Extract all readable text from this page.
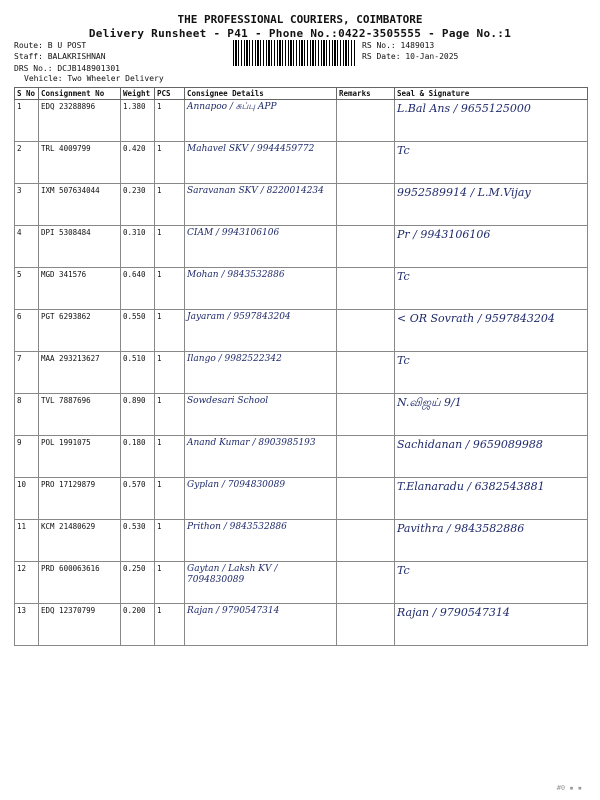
THE PROFESSIONAL COURIERS, COIMBATORE
Delivery Runsheet - P41 - Phone No.:0422-3505555 - Page No.:1
Route: B U POST
Staff: BALAKRISHNAN
DRS No.: DCJB148901301
Vehicle: Two Wheeler Delivery
RS No.: 1489013
RS Date: 10-Jan-2025
S No	Consignment No	Weight	PCS	Consignee Details	Remarks	Seal & Signature
1	EDQ 23288896	1.380	1	Annapoo / சுப்பு APP		L.Bal Ans / 9655125000

2	TRL 4009799	0.420	1	Mahavel SKV / 9944459772		Tc

3	IXM 507634044	0.230	1	Saravanan SKV / 8220014234		9952589914 / L.M.Vijay

4	DPI 5308484	0.310	1	CIAM / 9943106106		Pr / 9943106106

5	MGD 341576	0.640	1	Mohan / 9843532886		Tc

6	PGT 6293862	0.550	1	Jayaram / 9597843204		< OR Sovrath / 9597843204

7	MAA 293213627	0.510	1	Ilango / 9982522342		Tc

8	TVL 7887696	0.890	1	Sowdesari School		N.விஜய் 9/1

9	POL 1991075	0.180	1	Anand Kumar / 8903985193		Sachidanan / 9659089988

10	PRO 17129879	0.570	1	Gyplan / 7094830089		T.Elanaradu / 6382543881

11	KCM 21480629	0.530	1	Prithon / 9843532886		Pavithra / 9843582886

12	PRD 600063616	0.250	1	Gaytan / Laksh KV / 7094830089		Tc

13	EDQ 12370799	0.200	1	Rajan / 9790547314		Rajan / 9790547314
#0 ▪ ▪
